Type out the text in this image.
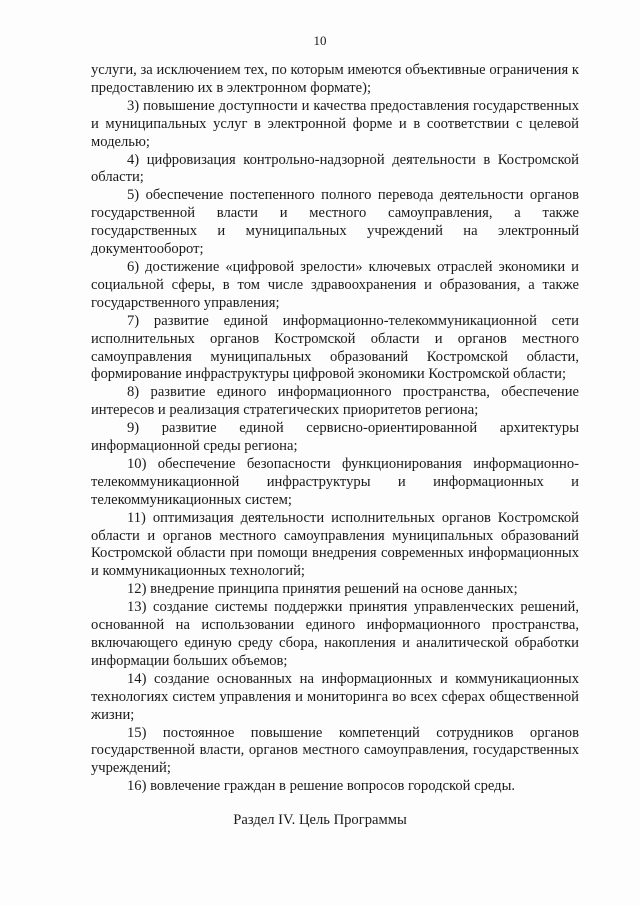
10

услуги, за исключением тех, по которым имеются объективные ограничения к предоставлению их в электронном формате);

3) повышение доступности и качества предоставления государственных и муниципальных услуг в электронной форме и в соответствии с целевой моделью;

4) цифровизация контрольно-надзорной деятельности в Костромской области;

5) обеспечение постепенного полного перевода деятельности органов государственной власти и местного самоуправления, а также государственных и муниципальных учреждений на электронный документооборот;

6) достижение «цифровой зрелости» ключевых отраслей экономики и социальной сферы, в том числе здравоохранения и образования, а также государственного управления;

7) развитие единой информационно-телекоммуникационной сети исполнительных органов Костромской области и органов местного самоуправления муниципальных образований Костромской области, формирование инфраструктуры цифровой экономики Костромской области;

8) развитие единого информационного пространства, обеспечение интересов и реализация стратегических приоритетов региона;

9) развитие единой сервисно-ориентированной архитектуры информационной среды региона;

10) обеспечение безопасности функционирования информационно-телекоммуникационной инфраструктуры и информационных и телекоммуникационных систем;

11) оптимизация деятельности исполнительных органов Костромской области и органов местного самоуправления муниципальных образований Костромской области при помощи внедрения современных информационных и коммуникационных технологий;

12) внедрение принципа принятия решений на основе данных;

13) создание системы поддержки принятия управленческих решений, основанной на использовании единого информационного пространства, включающего единую среду сбора, накопления и аналитической обработки информации больших объемов;

14) создание основанных на информационных и коммуникационных технологиях систем управления и мониторинга во всех сферах общественной жизни;

15) постоянное повышение компетенций сотрудников органов государственной власти, органов местного самоуправления, государственных учреждений;

16) вовлечение граждан в решение вопросов городской среды.

Раздел IV. Цель Программы
